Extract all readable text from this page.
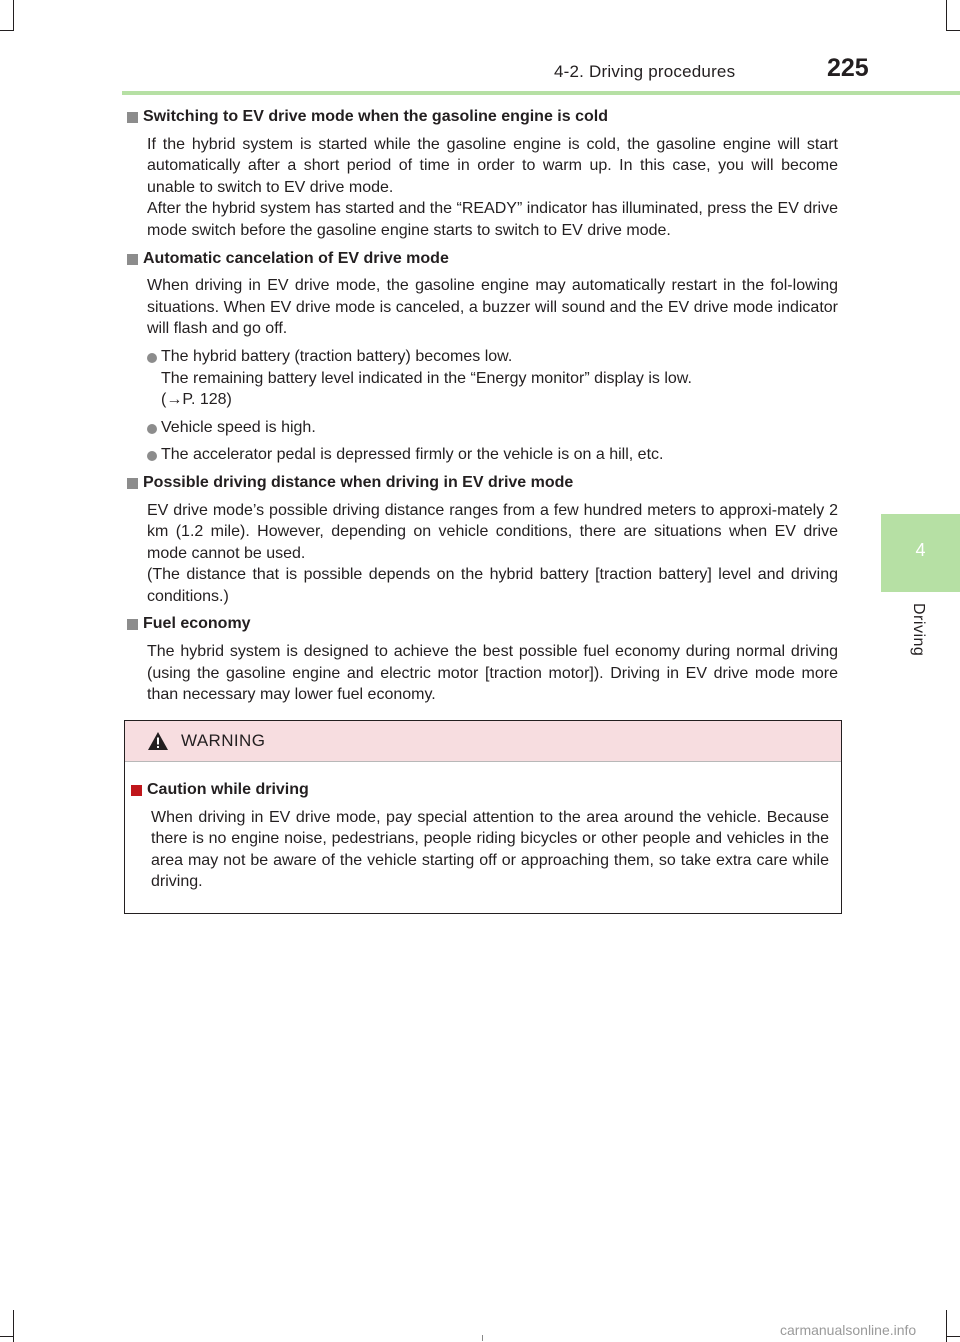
4-2. Driving procedures	225
4
Driving
Switching to EV drive mode when the gasoline engine is cold
If the hybrid system is started while the gasoline engine is cold, the gasoline engine will start automatically after a short period of time in order to warm up. In this case, you will become unable to switch to EV drive mode.
After the hybrid system has started and the “READY” indicator has illuminated, press the EV drive mode switch before the gasoline engine starts to switch to EV drive mode.
Automatic cancelation of EV drive mode
When driving in EV drive mode, the gasoline engine may automatically restart in the fol-lowing situations. When EV drive mode is canceled, a buzzer will sound and the EV drive mode indicator will flash and go off.
The hybrid battery (traction battery) becomes low.
The remaining battery level indicated in the “Energy monitor” display is low.
(→P. 128)
Vehicle speed is high.
The accelerator pedal is depressed firmly or the vehicle is on a hill, etc.
Possible driving distance when driving in EV drive mode
EV drive mode’s possible driving distance ranges from a few hundred meters to approxi-mately 2 km (1.2 mile). However, depending on vehicle conditions, there are situations when EV drive mode cannot be used.
(The distance that is possible depends on the hybrid battery [traction battery] level and driving conditions.)
Fuel economy
The hybrid system is designed to achieve the best possible fuel economy during normal driving (using the gasoline engine and electric motor [traction motor]). Driving in EV drive mode more than necessary may lower fuel economy.
WARNING
Caution while driving
When driving in EV drive mode, pay special attention to the area around the vehicle. Because there is no engine noise, pedestrians, people riding bicycles or other people and vehicles in the area may not be aware of the vehicle starting off or approaching them, so take extra care while driving.
carmanualsonline.info
